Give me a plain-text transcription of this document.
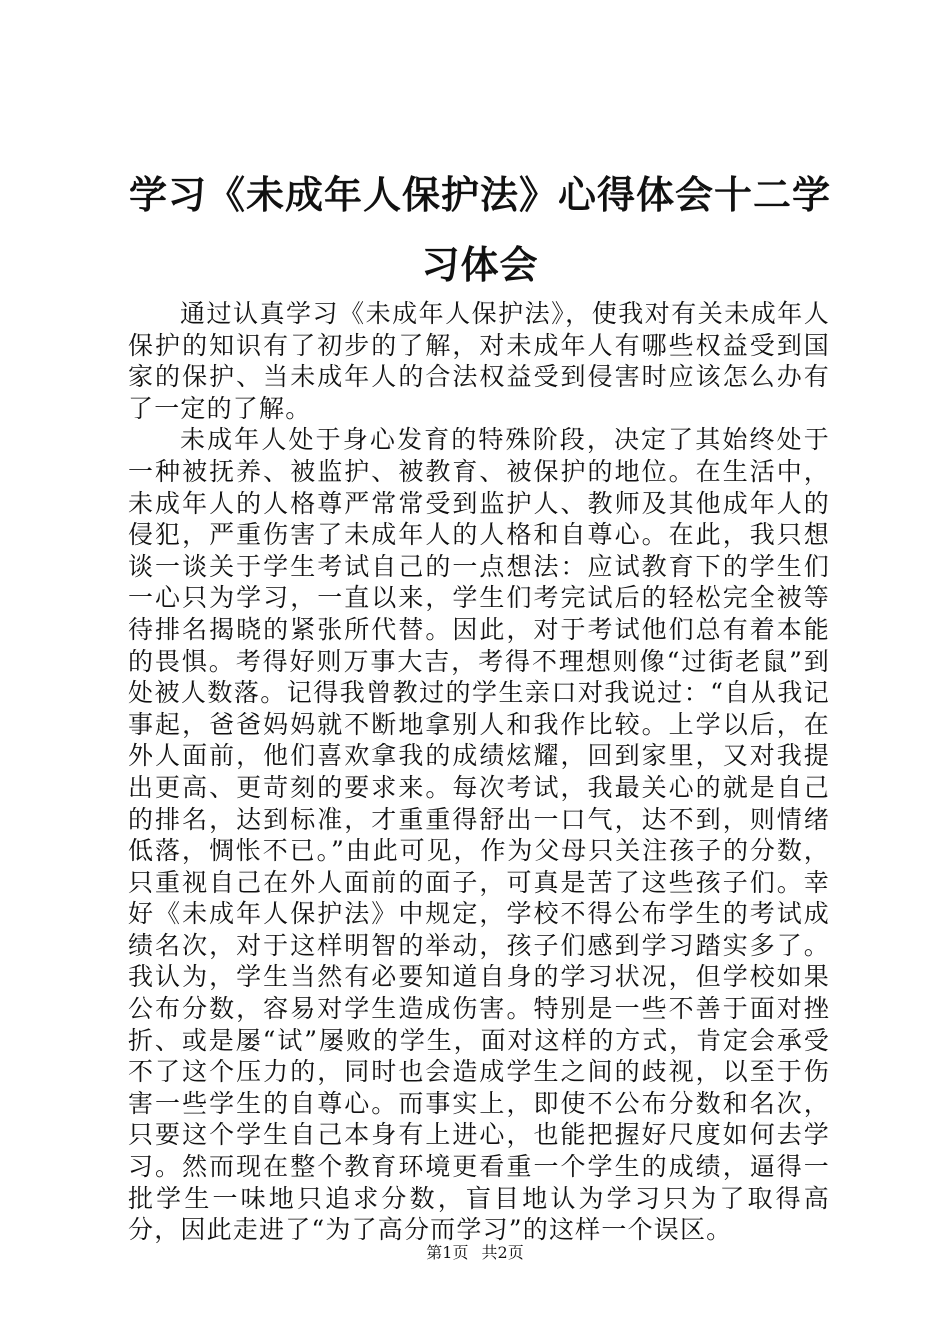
学习《未成年人保护法》心得体会十二学习体会

通过认真学习《未成年人保护法》，使我对有关未成年人保护的知识有了初步的了解，对未成年人有哪些权益受到国家的保护、当未成年人的合法权益受到侵害时应该怎么办有了一定的了解。

未成年人处于身心发育的特殊阶段，决定了其始终处于一种被抚养、被监护、被教育、被保护的地位。在生活中，未成年人的人格尊严常常受到监护人、教师及其他成年人的侵犯，严重伤害了未成年人的人格和自尊心。在此，我只想谈一谈关于学生考试自己的一点想法：应试教育下的学生们一心只为学习，一直以来，学生们考完试后的轻松完全被等待排名揭晓的紧张所代替。因此，对于考试他们总有着本能的畏惧。考得好则万事大吉，考得不理想则像“过街老鼠”到处被人数落。记得我曾教过的学生亲口对我说过：“自从我记事起，爸爸妈妈就不断地拿别人和我作比较。上学以后，在外人面前，他们喜欢拿我的成绩炫耀，回到家里，又对我提出更高、更苛刻的要求来。每次考试，我最关心的就是自己的排名，达到标准，才重重得舒出一口气，达不到，则情绪低落，惆怅不已。”由此可见，作为父母只关注孩子的分数，只重视自己在外人面前的面子，可真是苦了这些孩子们。幸好《未成年人保护法》中规定，学校不得公布学生的考试成绩名次，对于这样明智的举动，孩子们感到学习踏实多了。我认为，学生当然有必要知道自身的学习状况，但学校如果公布分数，容易对学生造成伤害。特别是一些不善于面对挫折、或是屡“试”屡败的学生，面对这样的方式，肯定会承受不了这个压力的，同时也会造成学生之间的歧视，以至于伤害一些学生的自尊心。而事实上，即使不公布分数和名次，只要这个学生自己本身有上进心，也能把握好尺度如何去学习。然而现在整个教育环境更看重一个学生的成绩，逼得一批学生一味地只追求分数，盲目地认为学习只为了取得高分，因此走进了“为了高分而学习”的这样一个误区。

第1页 共2页
